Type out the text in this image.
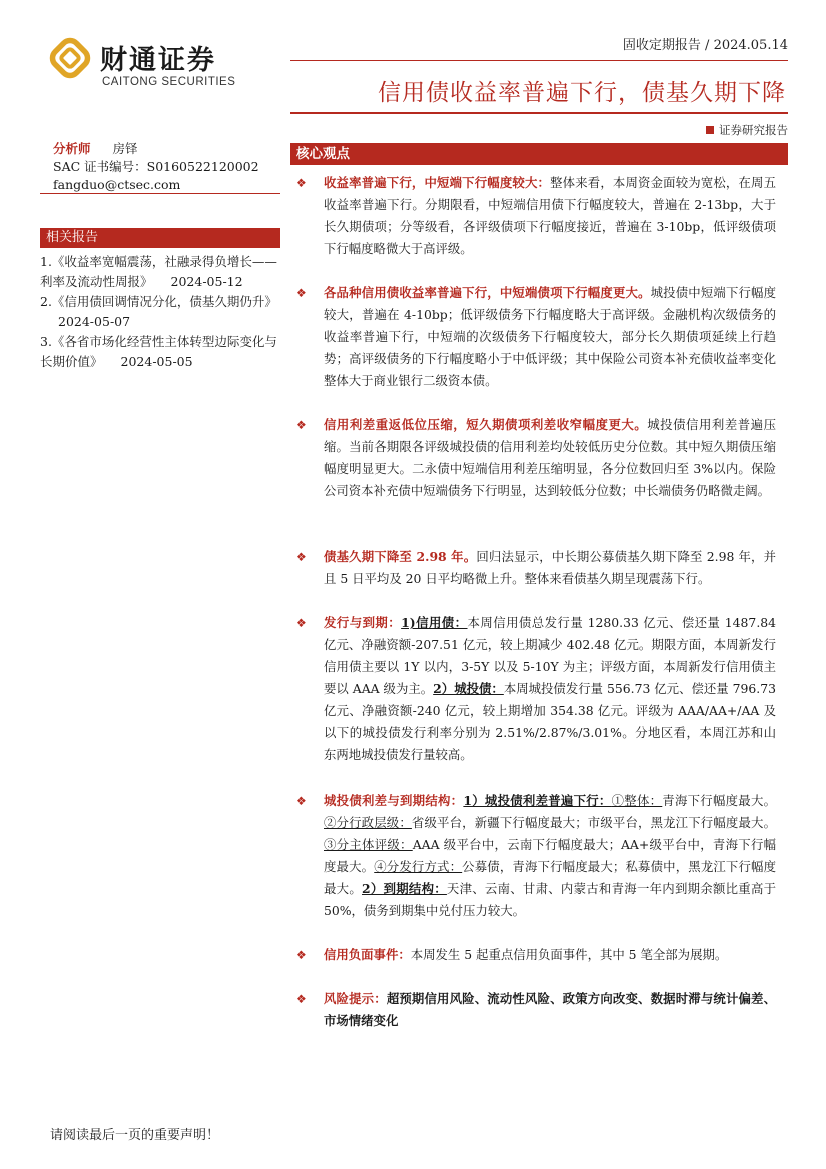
财通证券
CAITONG SECURITIES
固收定期报告 / 2024.05.14
信用债收益率普遍下行，债基久期下降
证券研究报告
分析师 房铎
SAC 证书编号：S0160522120002
fangduo@ctsec.com
相关报告
1.《收益率宽幅震荡，社融录得负增长——利率及流动性周报》 2024-05-12
2.《信用债回调情况分化，债基久期仍升》2024-05-07
3.《各省市场化经营性主体转型边际变化与长期价值》 2024-05-05
核心观点
❖ 收益率普遍下行，中短端下行幅度较大：整体来看，本周资金面较为宽松，在周五收益率普遍下行。分期限看，中短端信用债下行幅度较大，普遍在 2-13bp，大于长久期债项；分等级看，各评级债项下行幅度接近，普遍在 3-10bp，低评级债项下行幅度略微大于高评级。
❖ 各品种信用债收益率普遍下行，中短端债项下行幅度更大。城投债中短端下行幅度较大，普遍在 4-10bp；低评级债务下行幅度略大于高评级。金融机构次级债务的收益率普遍下行，中短端的次级债务下行幅度较大，部分长久期债项延续上行趋势；高评级债务的下行幅度略小于中低评级；其中保险公司资本补充债收益率变化整体大于商业银行二级资本债。
❖ 信用利差重返低位压缩，短久期债项利差收窄幅度更大。城投债信用利差普遍压缩。当前各期限各评级城投债的信用利差均处较低历史分位数。其中短久期债压缩幅度明显更大。二永债中短端信用利差压缩明显，各分位数回归至 3%以内。保险公司资本补充债中短端债务下行明显，达到较低分位数；中长端债务仍略微走阔。
❖ 债基久期下降至 2.98 年。回归法显示，中长期公募债基久期下降至 2.98 年，并且 5 日平均及 20 日平均略微上升。整体来看债基久期呈现震荡下行。
❖ 发行与到期：1)信用债：本周信用债总发行量 1280.33 亿元、偿还量 1487.84 亿元、净融资额-207.51 亿元，较上期减少 402.48 亿元。期限方面，本周新发行信用债主要以 1Y 以内，3-5Y 以及 5-10Y 为主；评级方面，本周新发行信用债主要以 AAA 级为主。2）城投债：本周城投债发行量 556.73 亿元、偿还量 796.73 亿元、净融资额-240 亿元，较上期增加 354.38 亿元。评级为 AAA/AA+/AA 及以下的城投债发行利率分别为 2.51%/2.87%/3.01%。分地区看，本周江苏和山东两地城投债发行量较高。
❖ 城投债利差与到期结构：1）城投债利差普遍下行：①整体：青海下行幅度最大。②分行政层级：省级平台，新疆下行幅度最大；市级平台，黑龙江下行幅度最大。③分主体评级：AAA 级平台中，云南下行幅度最大；AA+级平台中，青海下行幅度最大。④分发行方式：公募债，青海下行幅度最大；私募债中，黑龙江下行幅度最大。2）到期结构：天津、云南、甘肃、内蒙古和青海一年内到期余额比重高于 50%，债务到期集中兑付压力较大。
❖ 信用负面事件：本周发生 5 起重点信用负面事件，其中 5 笔全部为展期。
❖ 风险提示：超预期信用风险、流动性风险、政策方向改变、数据时滞与统计偏差、市场情绪变化
请阅读最后一页的重要声明！
